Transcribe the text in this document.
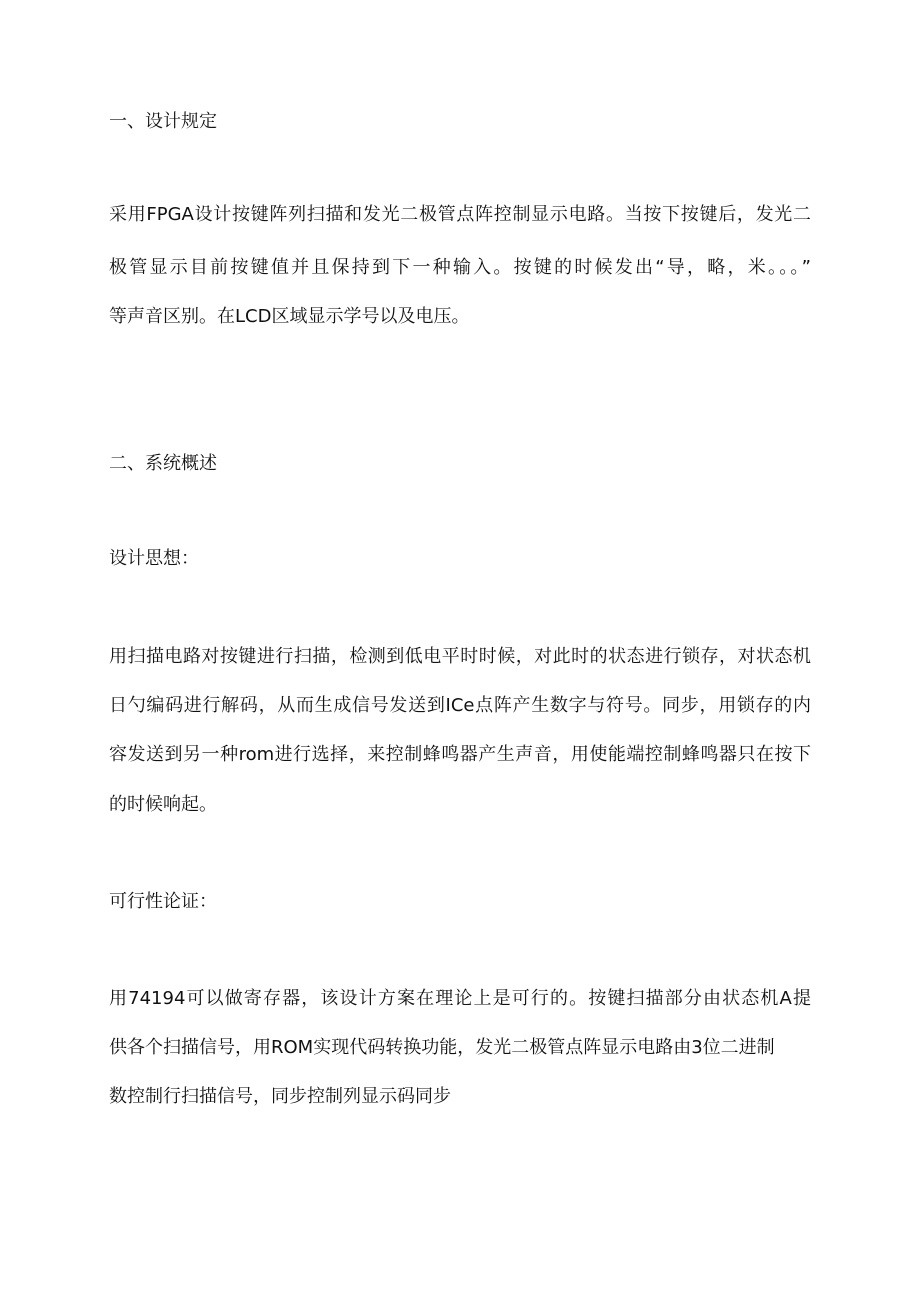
一、设计规定

采用FPGA设计按键阵列扫描和发光二极管点阵控制显示电路。当按下按键后，发光二

极管显示目前按键值并且保持到下一种输入。按键的时候发出“导，略，米。。。”

等声音区别。在LCD区域显示学号以及电压。

二、系统概述

设计思想：

用扫描电路对按键进行扫描，检测到低电平时时候，对此时的状态进行锁存，对状态机

日勺编码进行解码，从而生成信号发送到ICe点阵产生数字与符号。同步，用锁存的内

容发送到另一种rom进行选择，来控制蜂鸣器产生声音，用使能端控制蜂鸣器只在按下

的时候响起。

可行性论证：

用74194可以做寄存器，该设计方案在理论上是可行的。按键扫描部分由状态机A提

供各个扫描信号，用ROM实现代码转换功能，发光二极管点阵显示电路由3位二进制

数控制行扫描信号，同步控制列显示码同步
